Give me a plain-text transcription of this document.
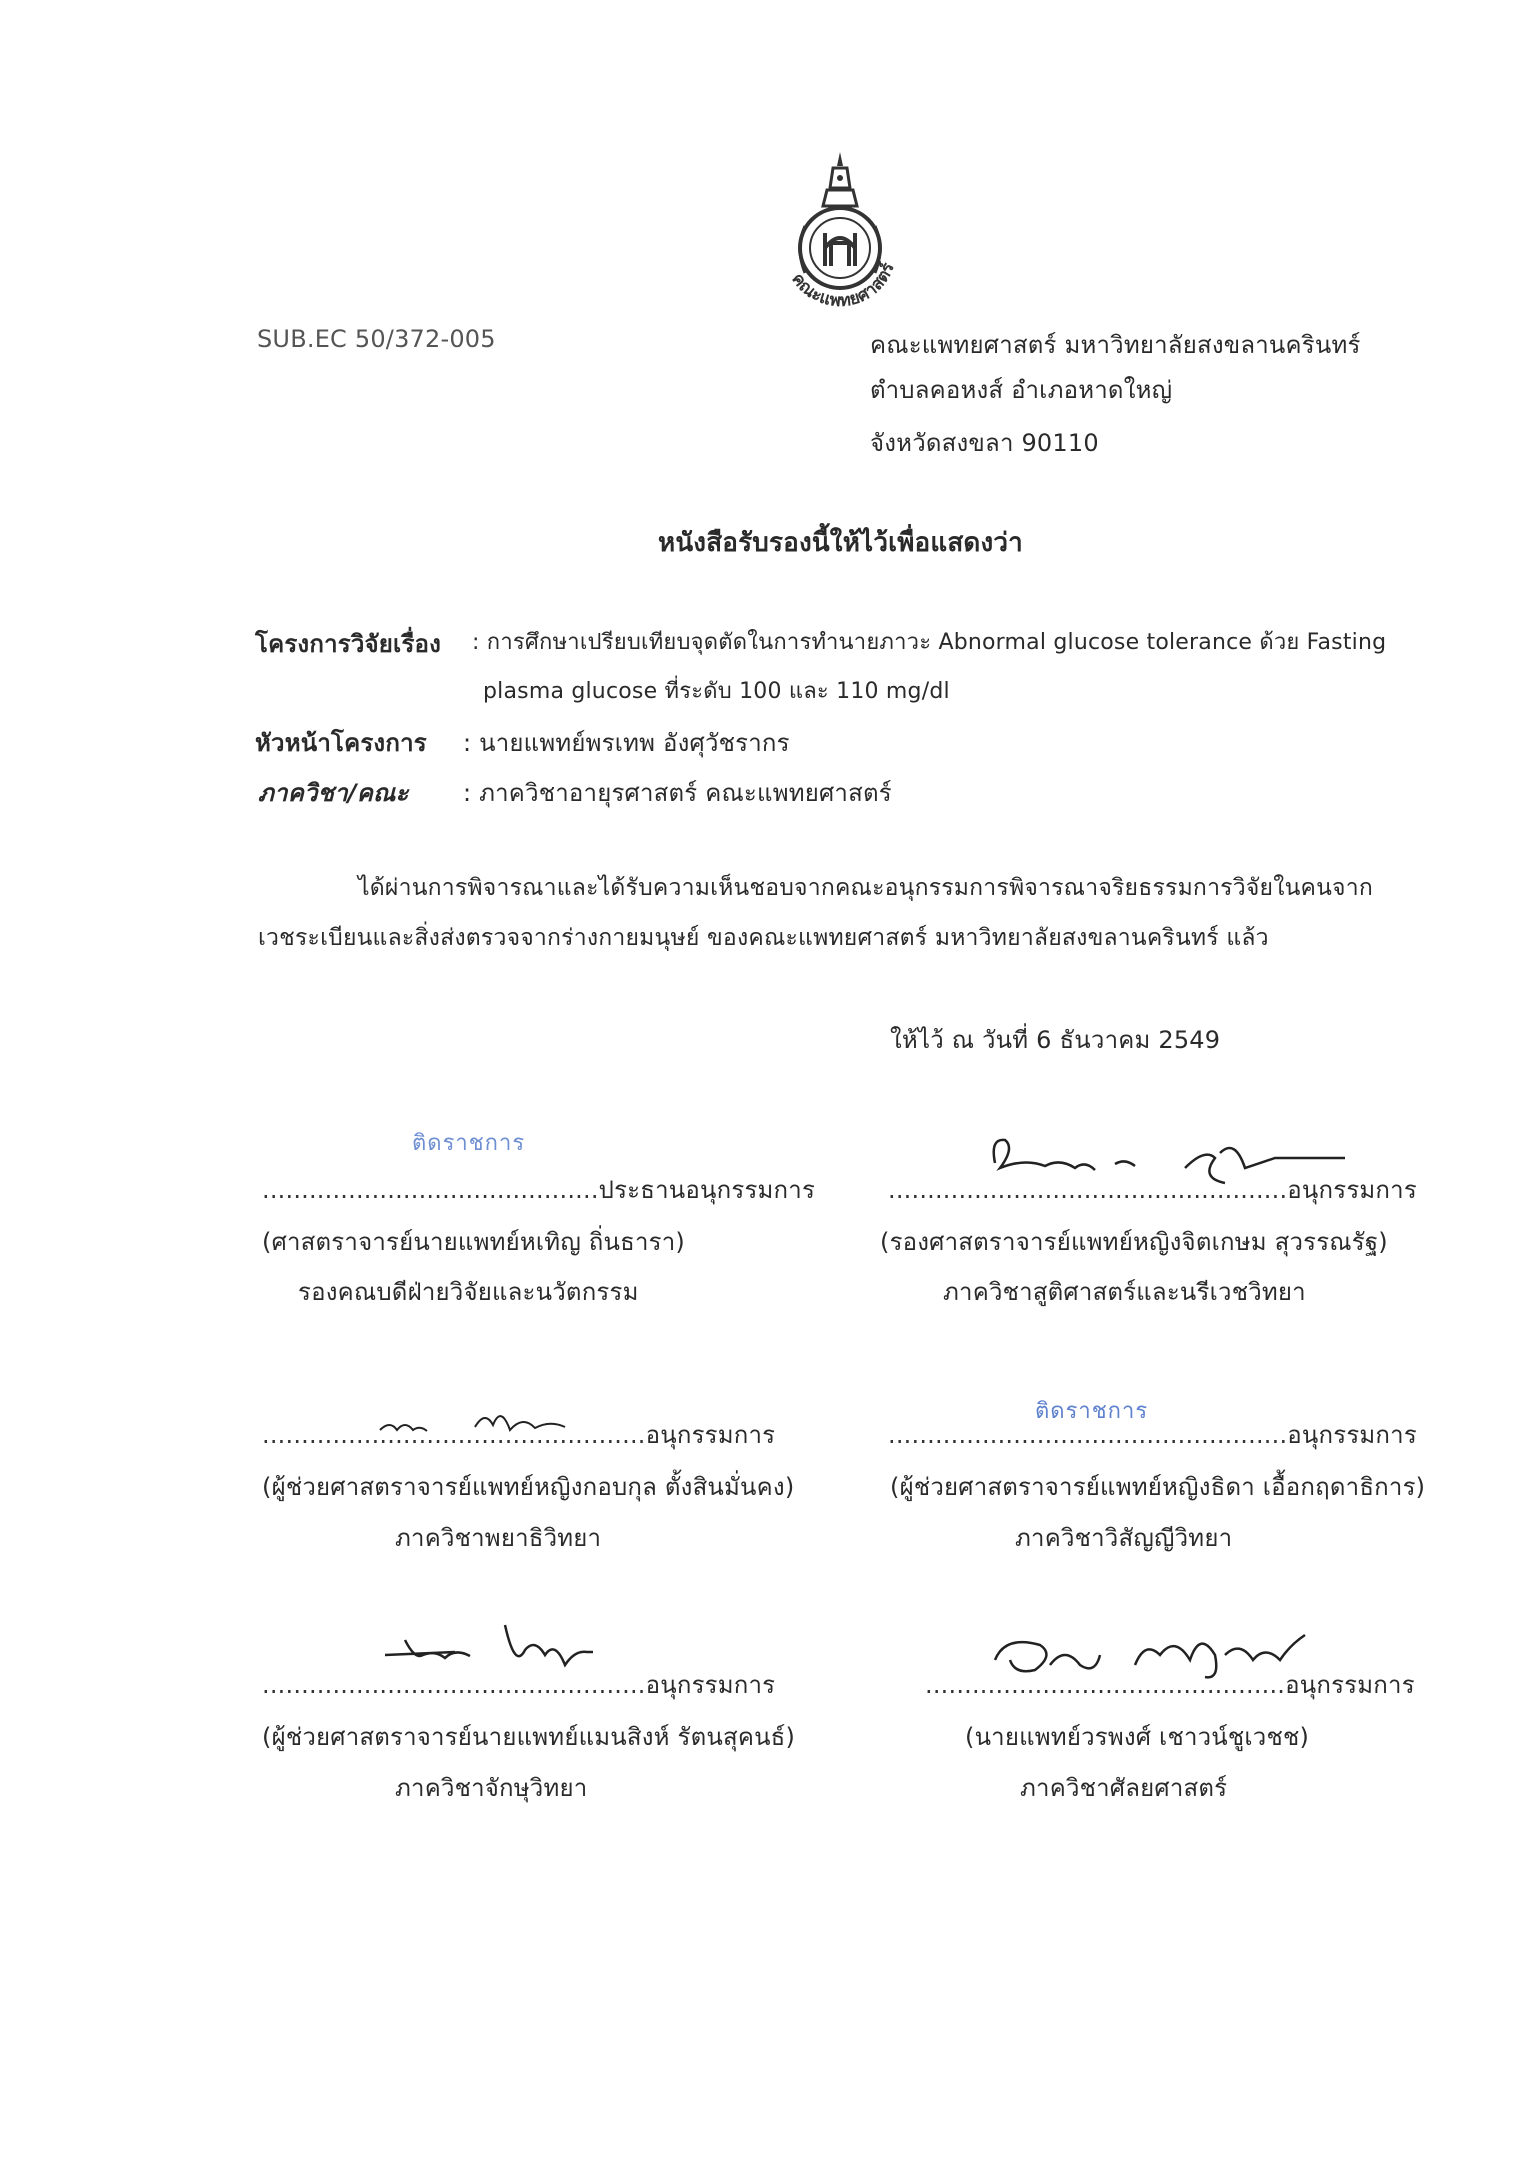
คณะแพทยศาสตร์
SUB.EC 50/372-005	คณะแพทยศาสตร์ มหาวิทยาลัยสงขลานครินทร์
ตำบลคอหงส์ อำเภอหาดใหญ่
จังหวัดสงขลา 90110
หนังสือรับรองนี้ให้ไว้เพื่อแสดงว่า
โครงการวิจัยเรื่อง : การศึกษาเปรียบเทียบจุดตัดในการทำนายภาวะ Abnormal glucose tolerance ด้วย Fasting
plasma glucose ที่ระดับ 100 และ 110 mg/dl
หัวหน้าโครงการ : นายแพทย์พรเทพ อังศุวัชรากร
ภาควิชา/คณะ : ภาควิชาอายุรศาสตร์ คณะแพทยศาสตร์
ได้ผ่านการพิจารณาและได้รับความเห็นชอบจากคณะอนุกรรมการพิจารณาจริยธรรมการวิจัยในคนจาก
เวชระเบียนและสิ่งส่งตรวจจากร่างกายมนุษย์ ของคณะแพทยศาสตร์ มหาวิทยาลัยสงขลานครินทร์ แล้ว
ให้ไว้ ณ วันที่ 6 ธันวาคม 2549
ติดราชการ
...........................................ประธานอนุกรรมการ
(ศาสตราจารย์นายแพทย์หเทิญ ถิ่นธารา)
รองคณบดีฝ่ายวิจัยและนวัตกรรม
...................................................อนุกรรมการ
(รองศาสตราจารย์แพทย์หญิงจิตเกษม สุวรรณรัฐ)
ภาควิชาสูติศาสตร์และนรีเวชวิทยา
.................................................อนุกรรมการ
(ผู้ช่วยศาสตราจารย์แพทย์หญิงกอบกุล ตั้งสินมั่นคง)
ภาควิชาพยาธิวิทยา
ติดราชการ
...................................................อนุกรรมการ
(ผู้ช่วยศาสตราจารย์แพทย์หญิงธิดา เอื้อกฤดาธิการ)
ภาควิชาวิสัญญีวิทยา
.................................................อนุกรรมการ
(ผู้ช่วยศาสตราจารย์นายแพทย์แมนสิงห์ รัตนสุคนธ์)
ภาควิชาจักษุวิทยา
..............................................อนุกรรมการ
(นายแพทย์วรพงศ์ เชาวน์ชูเวชช)
ภาควิชาศัลยศาสตร์
